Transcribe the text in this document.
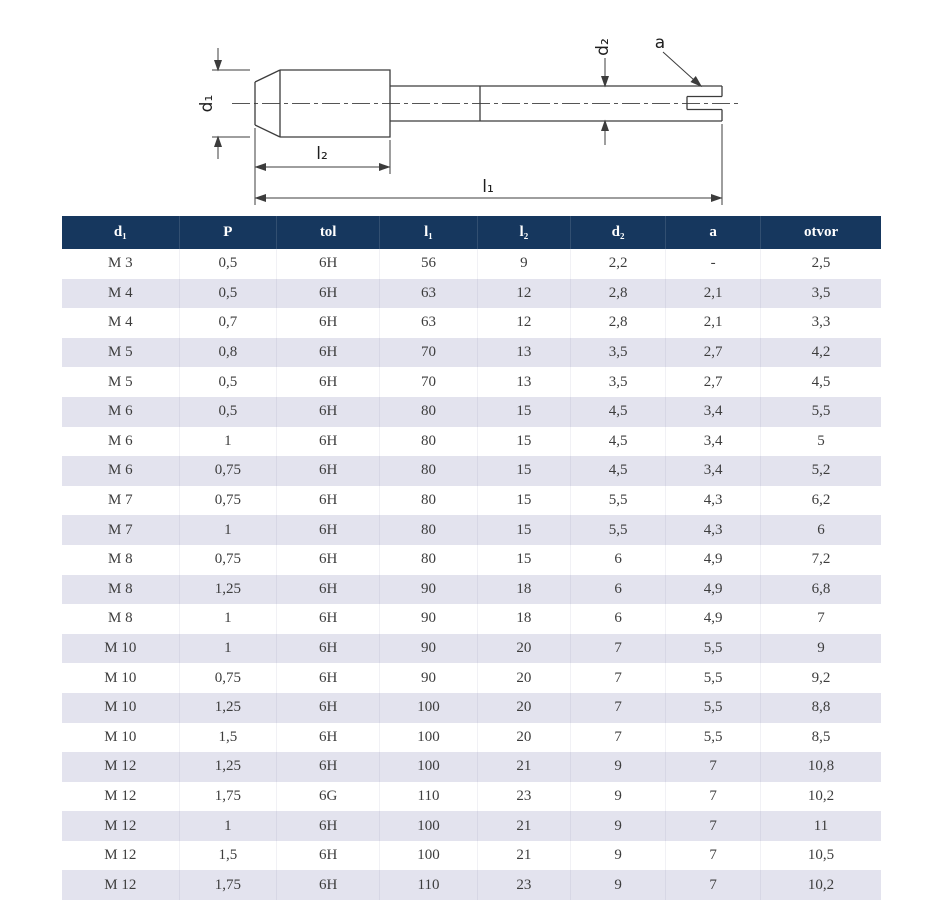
d₁
d₂
l₂
l₁
a
d₁	P	tol	l₁	l₂	d₂	a	otvor
M 3	0,5	6H	56	9	2,2	-	2,5
M 4	0,5	6H	63	12	2,8	2,1	3,5
M 4	0,7	6H	63	12	2,8	2,1	3,3
M 5	0,8	6H	70	13	3,5	2,7	4,2
M 5	0,5	6H	70	13	3,5	2,7	4,5
M 6	0,5	6H	80	15	4,5	3,4	5,5
M 6	1	6H	80	15	4,5	3,4	5
M 6	0,75	6H	80	15	4,5	3,4	5,2
M 7	0,75	6H	80	15	5,5	4,3	6,2
M 7	1	6H	80	15	5,5	4,3	6
M 8	0,75	6H	80	15	6	4,9	7,2
M 8	1,25	6H	90	18	6	4,9	6,8
M 8	1	6H	90	18	6	4,9	7
M 10	1	6H	90	20	7	5,5	9
M 10	0,75	6H	90	20	7	5,5	9,2
M 10	1,25	6H	100	20	7	5,5	8,8
M 10	1,5	6H	100	20	7	5,5	8,5
M 12	1,25	6H	100	21	9	7	10,8
M 12	1,75	6G	110	23	9	7	10,2
M 12	1	6H	100	21	9	7	11
M 12	1,5	6H	100	21	9	7	10,5
M 12	1,75	6H	110	23	9	7	10,2
